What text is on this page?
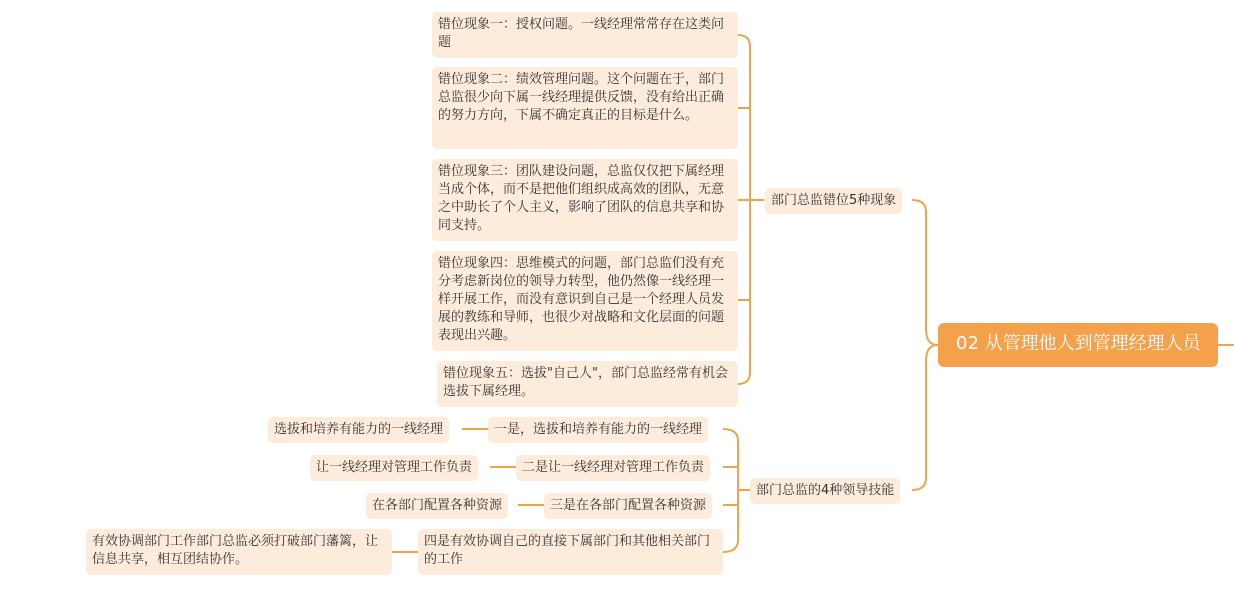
02 从管理他人到管理经理人员
部门总监错位5种现象
错位现象一：授权问题。一线经理常常存在这类问题
错位现象二：绩效管理问题。这个问题在于，部门总监很少向下属一线经理提供反馈，没有给出正确的努力方向，下属不确定真正的目标是什么。
错位现象三：团队建设问题，总监仅仅把下属经理当成个体，而不是把他们组织成高效的团队，无意之中助长了个人主义，影响了团队的信息共享和协同支持。
错位现象四：思维模式的问题，部门总监们没有充分考虑新岗位的领导力转型，他仍然像一线经理一样开展工作，而没有意识到自己是一个经理人员发展的教练和导师，也很少对战略和文化层面的问题表现出兴趣。
错位现象五：选拔"自己人"，部门总监经常有机会选拔下属经理。
部门总监的4种领导技能
一是，选拔和培养有能力的一线经理
选拔和培养有能力的一线经理
二是让一线经理对管理工作负责
让一线经理对管理工作负责
三是在各部门配置各种资源
在各部门配置各种资源
四是有效协调自己的直接下属部门和其他相关部门的工作
有效协调部门工作部门总监必须打破部门藩篱，让信息共享，相互团结协作。
